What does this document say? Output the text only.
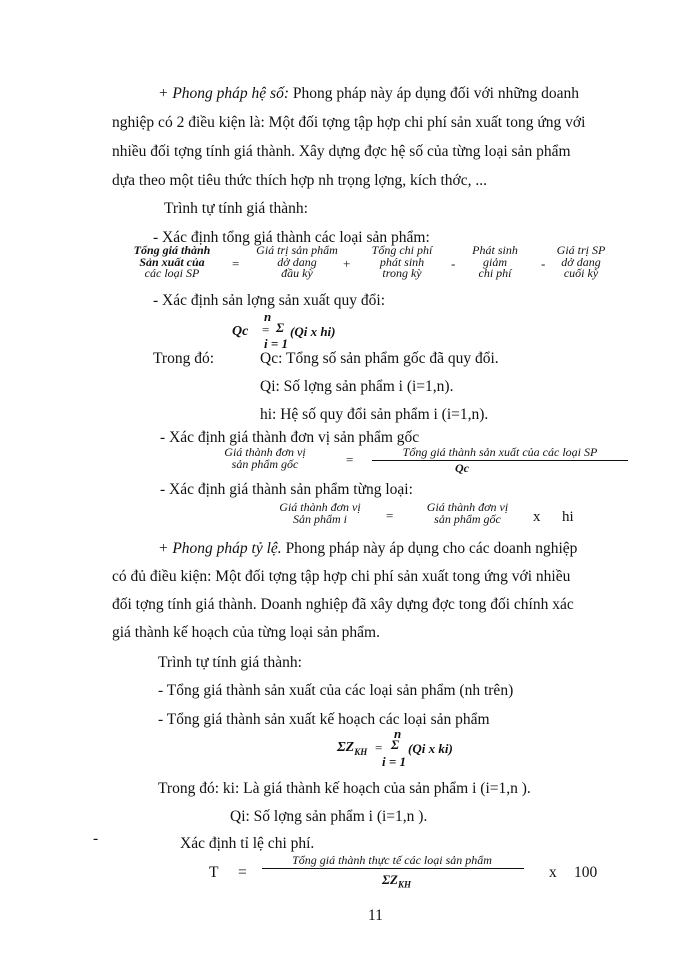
+ Phong pháp hệ số: Phong pháp này áp dụng đối với những doanh
nghiệp có 2 điều kiện là: Một đối tợng tập hợp chi phí sản xuất tong ứng với
nhiều đối tợng tính giá thành. Xây dựng đợc hệ số của từng loại sản phẩm
dựa theo một tiêu thức thích hợp nh trọng lợng, kích thớc, ...
Trình tự tính giá thành:
- Xác định tổng giá thành các loại sản phẩm:
Tổng giá thành
Sản xuất của
các loại SP
=
Giá trị sản phẩm
dở dang
đầu kỳ
+
Tổng chi phí
phát sinh
trong kỳ
-
Phát sinh
giảm
chi phí
-
Giá trị SP
dở dang
cuối kỳ
- Xác định sản lợng sản xuất quy đổi:
n
Qc = Σ (Qi x hi)
i = 1
Trong đó:	Qc: Tổng số sản phẩm gốc đã quy đổi.
Qi: Số lợng sản phẩm i (i=1,n).
hi: Hệ số quy đổi sản phẩm i (i=1,n).
- Xác định giá thành đơn vị sản phẩm gốc
Giá thành đơn vị
sản phẩm gốc	=	Tổng giá thành sản xuất của các loại SP
Qc
- Xác định giá thành sản phẩm từng loại:
Giá thành đơn vị
Sản phẩm i	=
Giá thành đơn vị
sản phẩm gốc	x hi
+ Phong pháp tỷ lệ. Phong pháp này áp dụng cho các doanh nghiệp
có đủ điều kiện: Một đối tợng tập hợp chi phí sản xuất tong ứng với nhiều
đối tợng tính giá thành. Doanh nghiệp đã xây dựng đợc tong đối chính xác
giá thành kế hoạch của từng loại sản phẩm.
Trình tự tính giá thành:
- Tổng giá thành sản xuất của các loại sản phẩm (nh trên)
- Tổng giá thành sản xuất kế hoạch các loại sản phẩm
n
$\Sigma Z_{KH} = \Sigma$ (Qi x ki)
i = 1
Trong đó: ki: Là giá thành kế hoạch của sản phẩm i (i=1,n ).
Qi: Số lợng sản phẩm i (i=1,n ).
-	Xác định tỉ lệ chi phí.
T =
Tổng giá thành thực tế các loại sản phẩm
$\Sigma Z_{KH}$
x 100
11
